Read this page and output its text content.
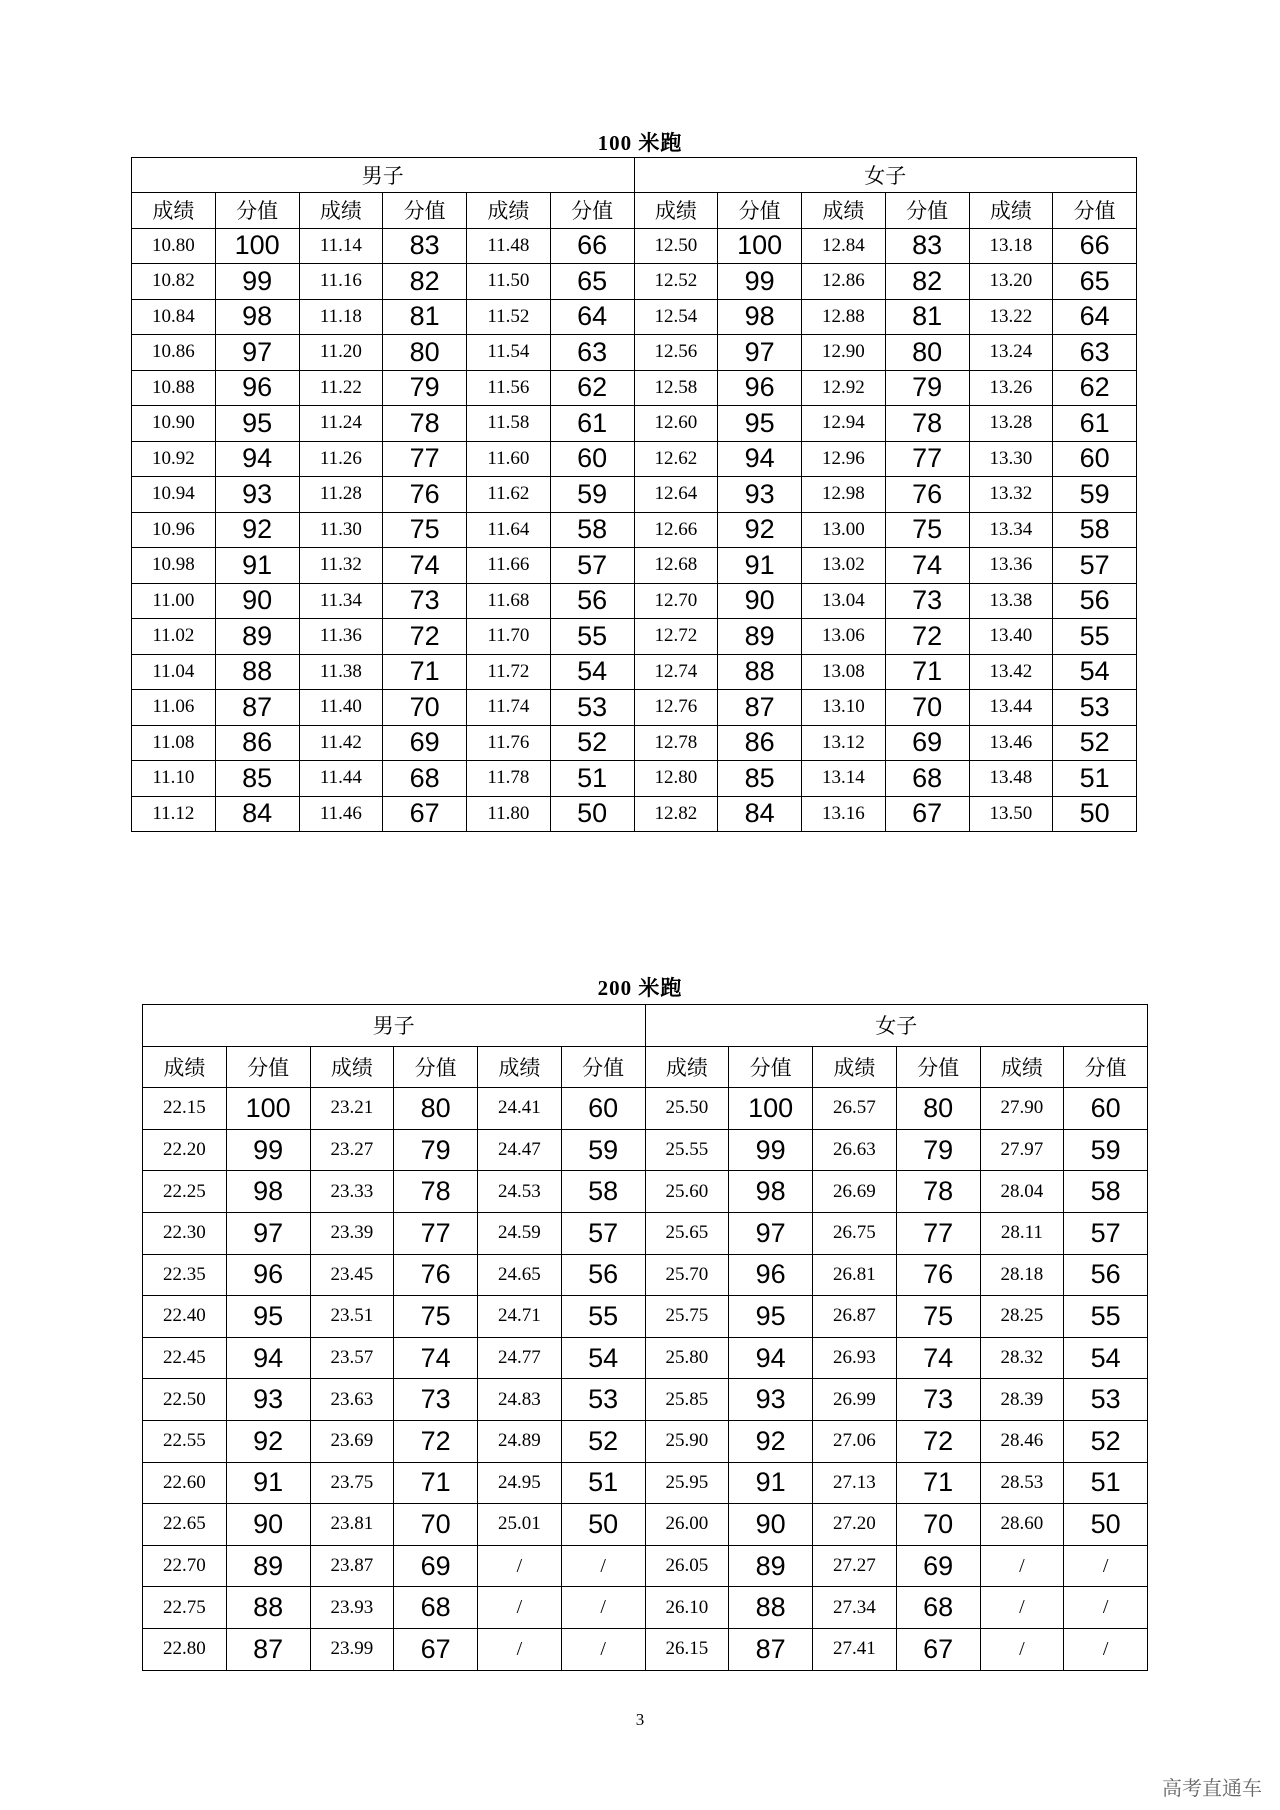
100 米跑
男子						女子					
成绩	分值	成绩	分值	成绩	分值	成绩	分值	成绩	分值	成绩	分值
10.80	100	11.14	83	11.48	66	12.50	100	12.84	83	13.18	66
10.82	99	11.16	82	11.50	65	12.52	99	12.86	82	13.20	65
10.84	98	11.18	81	11.52	64	12.54	98	12.88	81	13.22	64
10.86	97	11.20	80	11.54	63	12.56	97	12.90	80	13.24	63
10.88	96	11.22	79	11.56	62	12.58	96	12.92	79	13.26	62
10.90	95	11.24	78	11.58	61	12.60	95	12.94	78	13.28	61
10.92	94	11.26	77	11.60	60	12.62	94	12.96	77	13.30	60
10.94	93	11.28	76	11.62	59	12.64	93	12.98	76	13.32	59
10.96	92	11.30	75	11.64	58	12.66	92	13.00	75	13.34	58
10.98	91	11.32	74	11.66	57	12.68	91	13.02	74	13.36	57
11.00	90	11.34	73	11.68	56	12.70	90	13.04	73	13.38	56
11.02	89	11.36	72	11.70	55	12.72	89	13.06	72	13.40	55
11.04	88	11.38	71	11.72	54	12.74	88	13.08	71	13.42	54
11.06	87	11.40	70	11.74	53	12.76	87	13.10	70	13.44	53
11.08	86	11.42	69	11.76	52	12.78	86	13.12	69	13.46	52
11.10	85	11.44	68	11.78	51	12.80	85	13.14	68	13.48	51
11.12	84	11.46	67	11.80	50	12.82	84	13.16	67	13.50	50
200 米跑
男子						女子					
成绩	分值	成绩	分值	成绩	分值	成绩	分值	成绩	分值	成绩	分值
22.15	100	23.21	80	24.41	60	25.50	100	26.57	80	27.90	60
22.20	99	23.27	79	24.47	59	25.55	99	26.63	79	27.97	59
22.25	98	23.33	78	24.53	58	25.60	98	26.69	78	28.04	58
22.30	97	23.39	77	24.59	57	25.65	97	26.75	77	28.11	57
22.35	96	23.45	76	24.65	56	25.70	96	26.81	76	28.18	56
22.40	95	23.51	75	24.71	55	25.75	95	26.87	75	28.25	55
22.45	94	23.57	74	24.77	54	25.80	94	26.93	74	28.32	54
22.50	93	23.63	73	24.83	53	25.85	93	26.99	73	28.39	53
22.55	92	23.69	72	24.89	52	25.90	92	27.06	72	28.46	52
22.60	91	23.75	71	24.95	51	25.95	91	27.13	71	28.53	51
22.65	90	23.81	70	25.01	50	26.00	90	27.20	70	28.60	50
22.70	89	23.87	69	/	/	26.05	89	27.27	69	/	/
22.75	88	23.93	68	/	/	26.10	88	27.34	68	/	/
22.80	87	23.99	67	/	/	26.15	87	27.41	67	/	/
3
高考直通车
